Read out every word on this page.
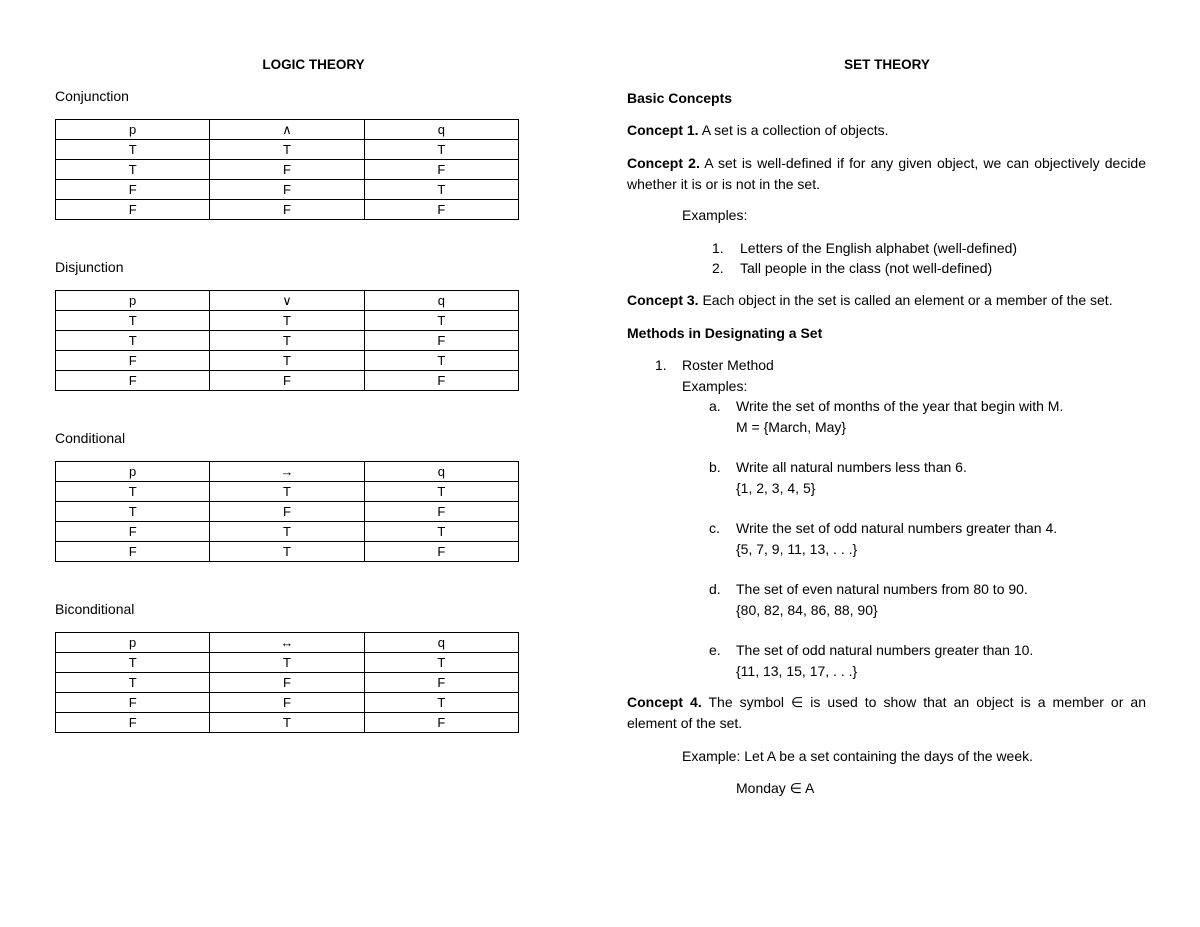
LOGIC THEORY
Conjunction
p	∧	q
T	T	T
T	F	F
F	F	T
F	F	F
Disjunction
p	∨	q
T	T	T
T	T	F
F	T	T
F	F	F
Conditional
p	→	q
T	T	T
T	F	F
F	T	T
F	T	F
Biconditional
p	↔	q
T	T	T
T	F	F
F	F	T
F	T	F
SET THEORY
Basic Concepts
Concept 1. A set is a collection of objects.
Concept 2. A set is well-defined if for any given object, we can objectively decide whether it is or is not in the set.
Examples:
1. Letters of the English alphabet (well-defined)
2. Tall people in the class (not well-defined)
Concept 3. Each object in the set is called an element or a member of the set.
Methods in Designating a Set
1. Roster Method
Examples:
a. Write the set of months of the year that begin with M.
M = {March, May}
b. Write all natural numbers less than 6.
{1, 2, 3, 4, 5}
c. Write the set of odd natural numbers greater than 4.
{5, 7, 9, 11, 13, . . .}
d. The set of even natural numbers from 80 to 90.
{80, 82, 84, 86, 88, 90}
e. The set of odd natural numbers greater than 10.
{11, 13, 15, 17, . . .}
Concept 4. The symbol ∈ is used to show that an object is a member or an element of the set.
Example: Let A be a set containing the days of the week.
Monday ∈ A
